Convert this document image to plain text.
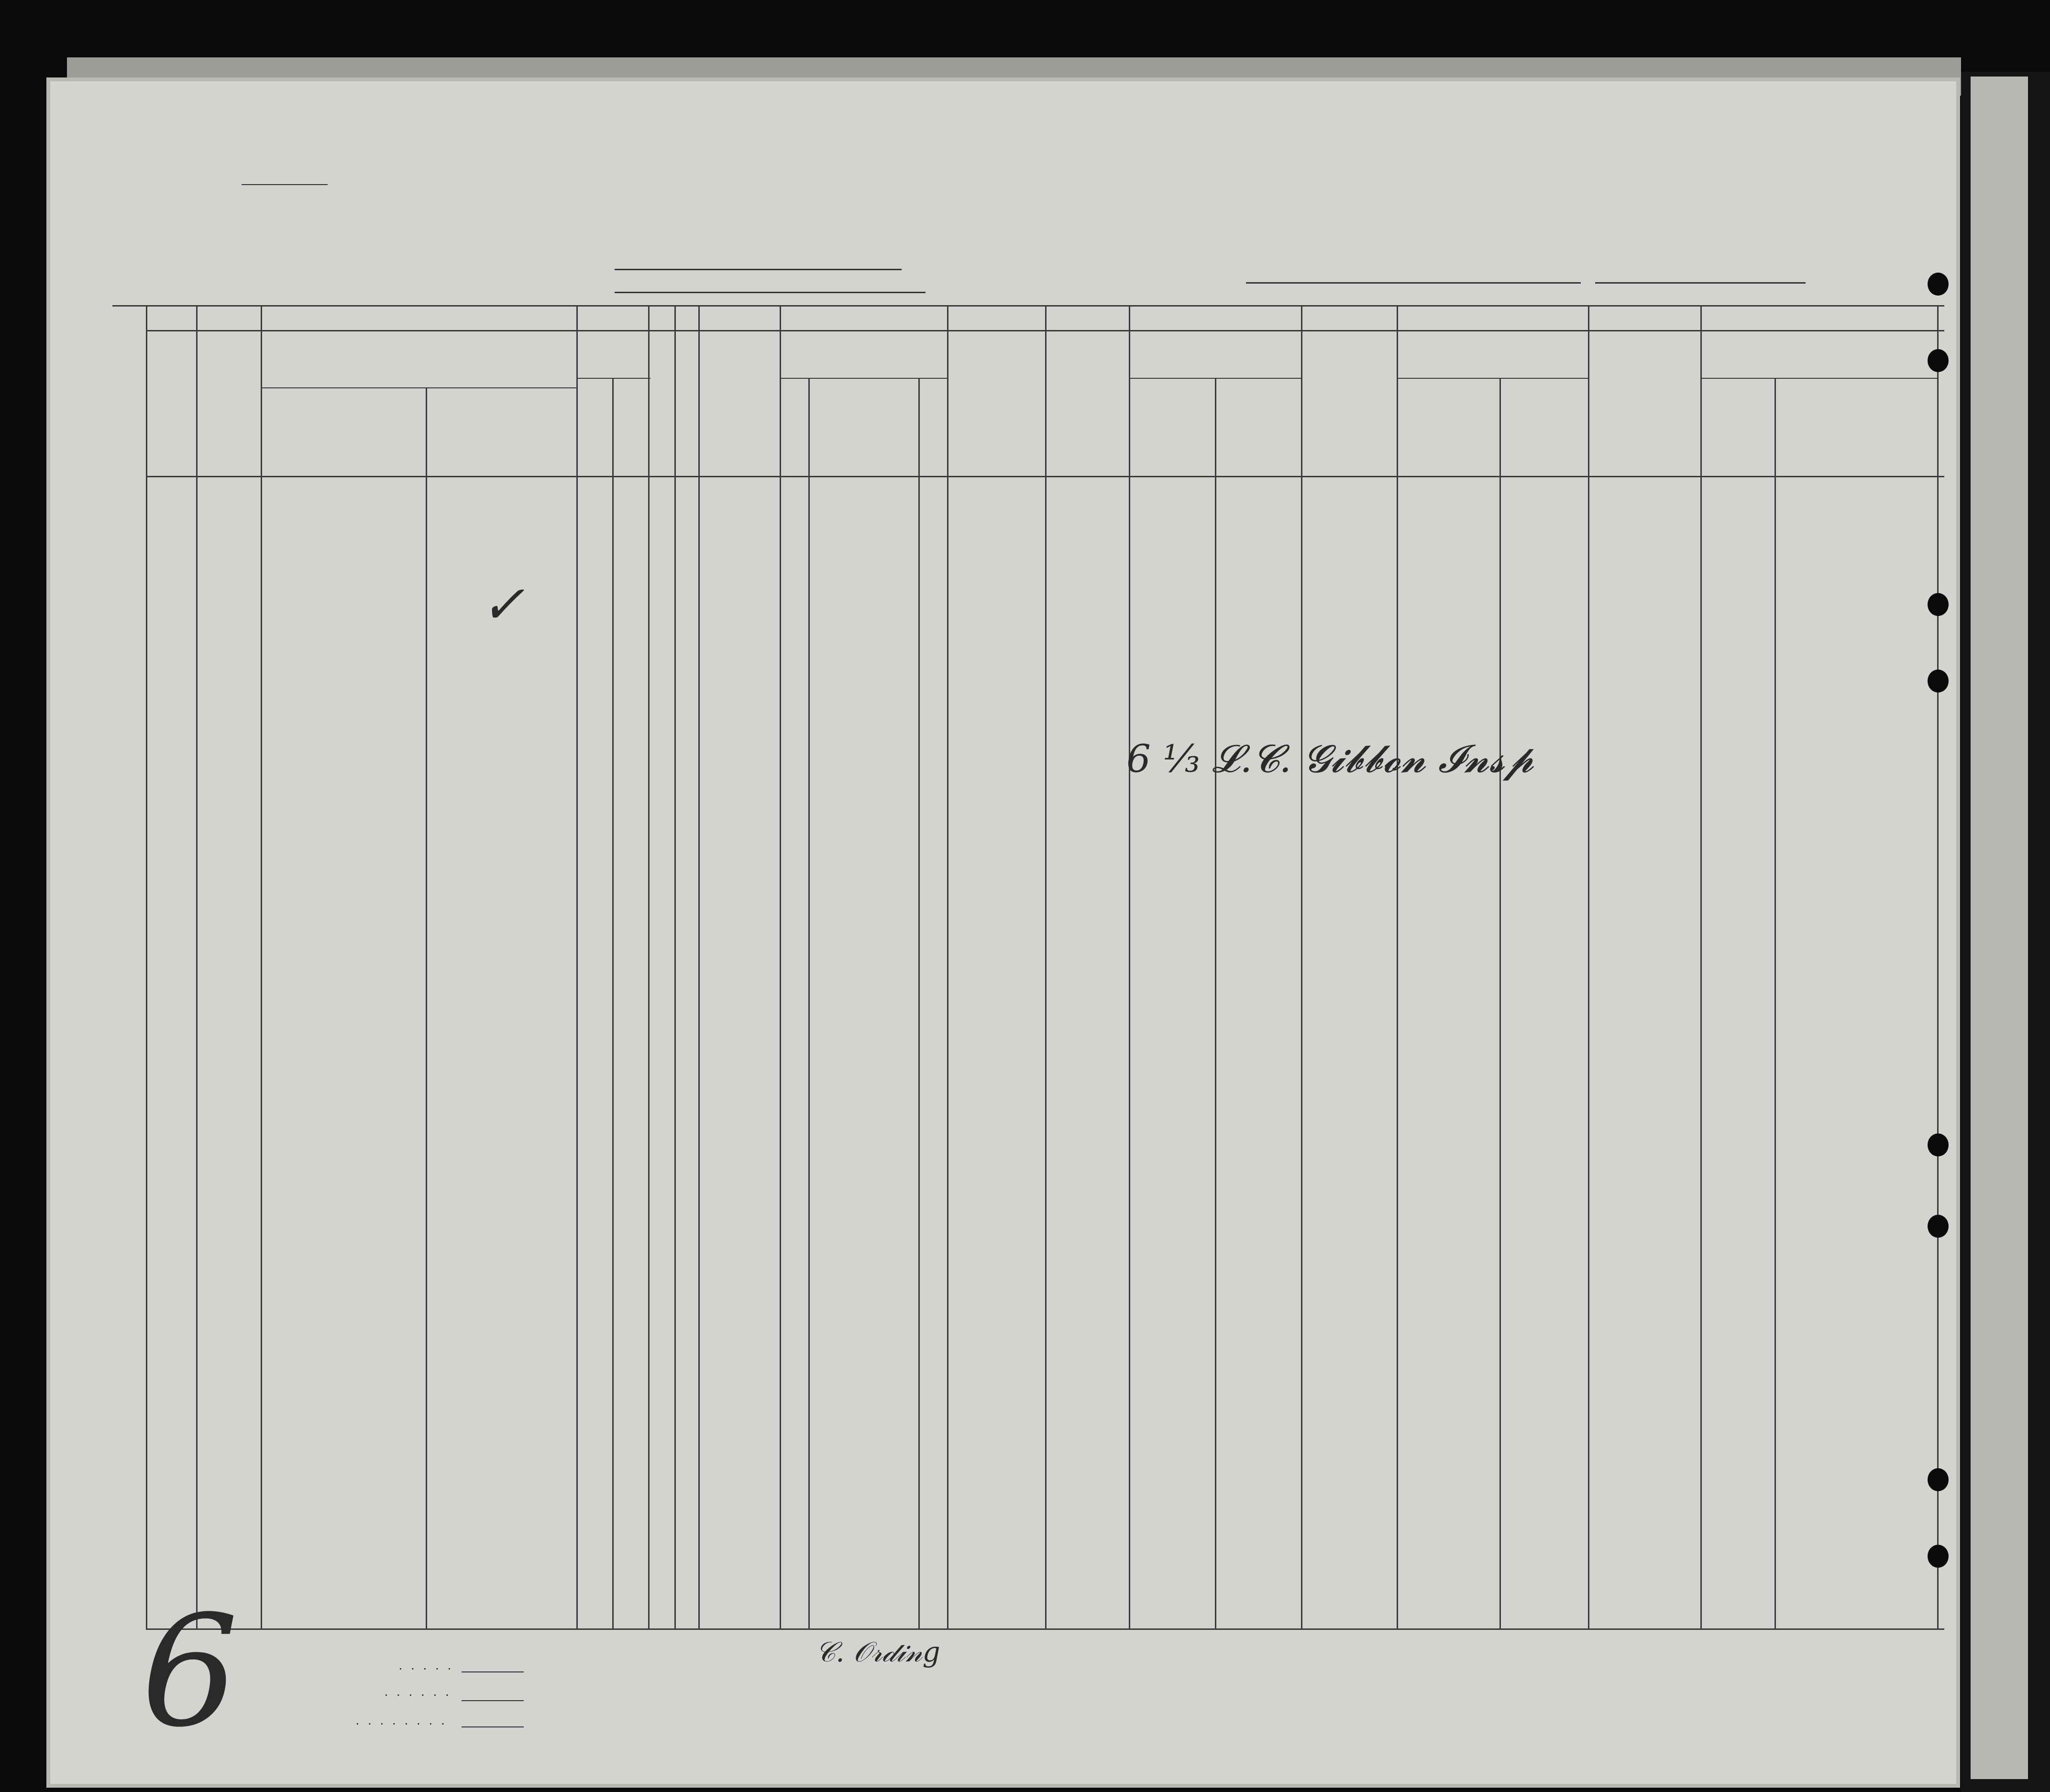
✓
6 ⅓ 𝓛.𝓒. 𝓖𝓲𝓫𝓫𝓸𝓷 𝓘𝓷𝓼𝓹
6	𝒞. 𝒪𝓇𝒹𝒾𝓃𝑔
. . . . .
. . . . . .
. . . . . . . .
